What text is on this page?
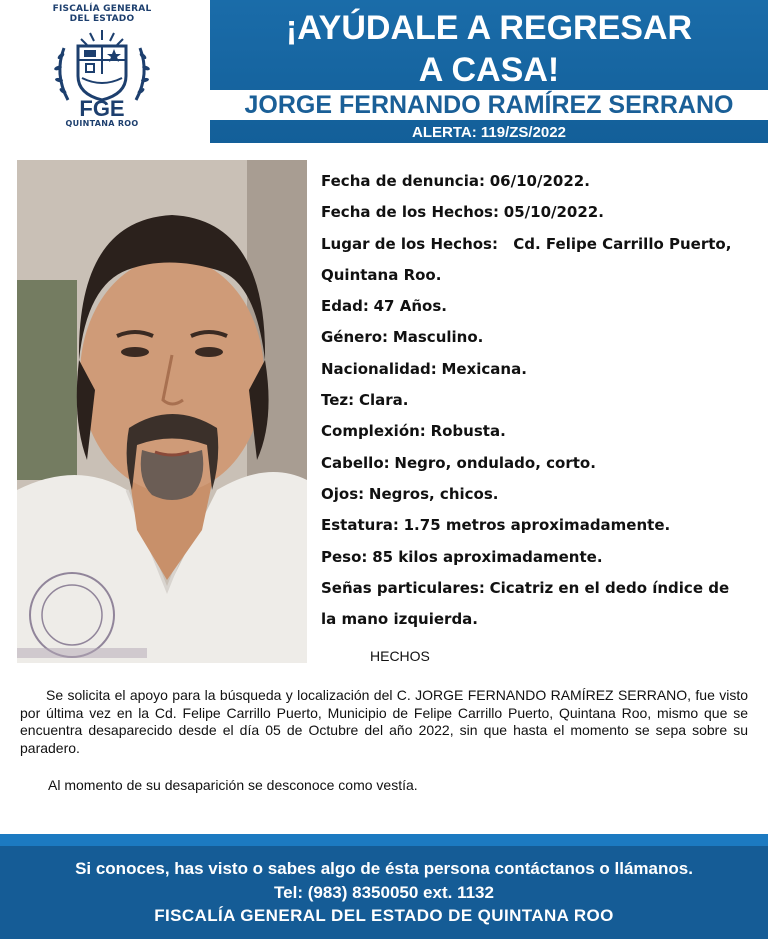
FISCALÍA GENERAL
DEL ESTADO
FGE
QUINTANA ROO
¡AYÚDALE A REGRESAR
A CASA!
JORGE FERNANDO RAMÍREZ SERRANO
ALERTA: 119/ZS/2022
Fecha de denuncia: 06/10/2022.
Fecha de los Hechos: 05/10/2022.
Lugar de los Hechos:   Cd. Felipe Carrillo Puerto,
Quintana Roo.
Edad: 47 Años.
Género: Masculino.
Nacionalidad: Mexicana.
Tez: Clara.
Complexión: Robusta.
Cabello: Negro, ondulado, corto.
Ojos: Negros, chicos.
Estatura: 1.75 metros aproximadamente.
Peso: 85 kilos aproximadamente.
Señas particulares: Cicatriz en el dedo índice de
la mano izquierda.
HECHOS
Se solicita el apoyo para la búsqueda y localización del C. JORGE FERNANDO RAMÍREZ SERRANO, fue visto por última vez en la Cd. Felipe Carrillo Puerto, Municipio de Felipe Carrillo Puerto, Quintana Roo, mismo que se encuentra desaparecido desde el día 05 de Octubre del año 2022, sin que hasta el momento se sepa sobre su paradero.
Al momento de su desaparición se desconoce como vestía.
Si conoces, has visto o sabes algo de ésta persona contáctanos o llámanos.
Tel: (983) 8350050 ext. 1132
FISCALÍA GENERAL DEL ESTADO DE QUINTANA ROO
